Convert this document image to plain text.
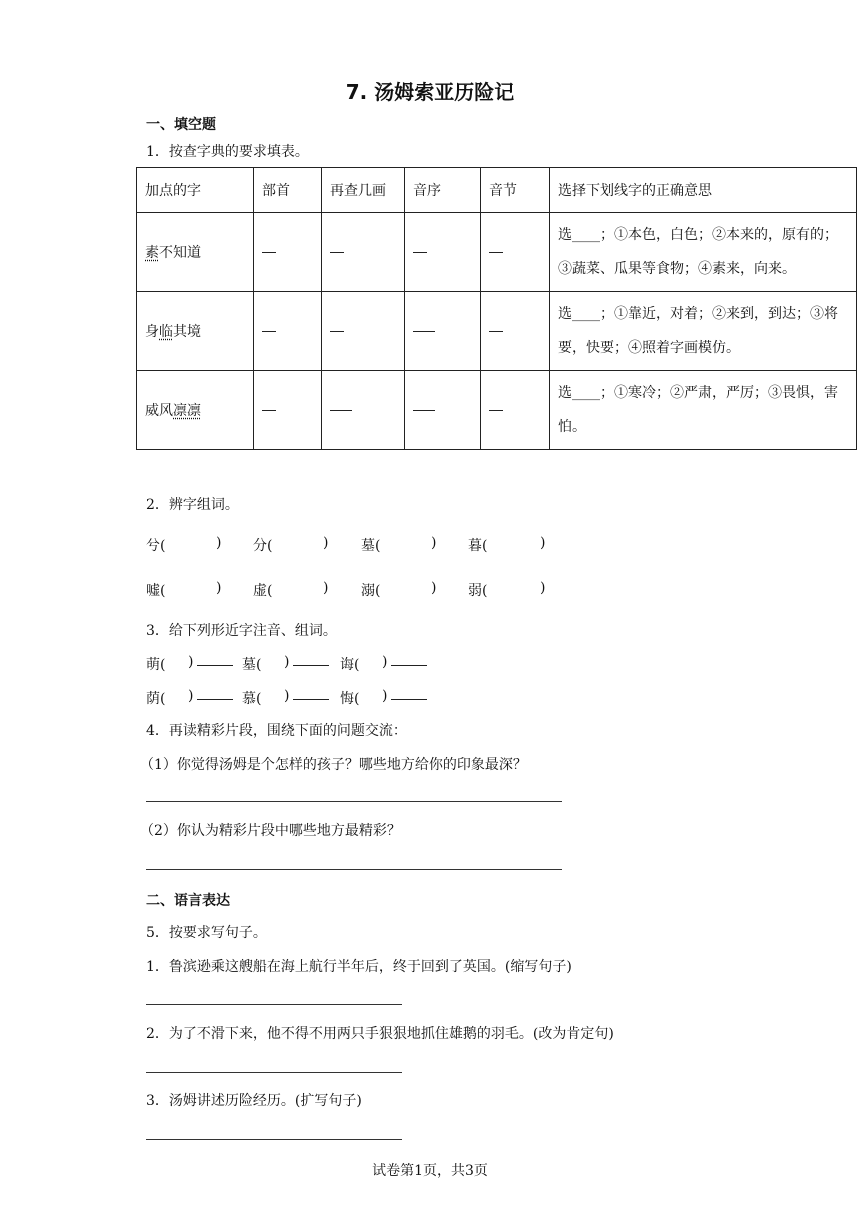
7. 汤姆索亚历险记
一、填空题
1．按查字典的要求填表。
加点的字	部首	再查几画	音序	音节	选择下划线字的正确意思
素不知道					选____；①本色，白色；②本来的，原有的；③蔬菜、瓜果等食物；④素来，向来。
身临其境					选____；①靠近，对着；②来到，到达；③将要，快要；④照着字画模仿。
威风凛凛					选____；①寒冷；②严肃，严厉；③畏惧，害怕。
2．辨字组词。
兮(	) 分(	) 墓(	) 暮(	)
嘘(	) 虚(	) 溺(	) 弱(	)
3．给下列形近字注音、组词。
萌( )	墓( )	诲( )
荫( )	慕( )	悔( )
4．再读精彩片段，围绕下面的问题交流：
（1）你觉得汤姆是个怎样的孩子？哪些地方给你的印象最深？
（2）你认为精彩片段中哪些地方最精彩？
二、语言表达
5．按要求写句子。
1．鲁滨逊乘这艘船在海上航行半年后，终于回到了英国。(缩写句子)
2．为了不滑下来，他不得不用两只手狠狠地抓住雄鹅的羽毛。(改为肯定句)
3．汤姆讲述历险经历。(扩写句子)
试卷第1页，共3页
